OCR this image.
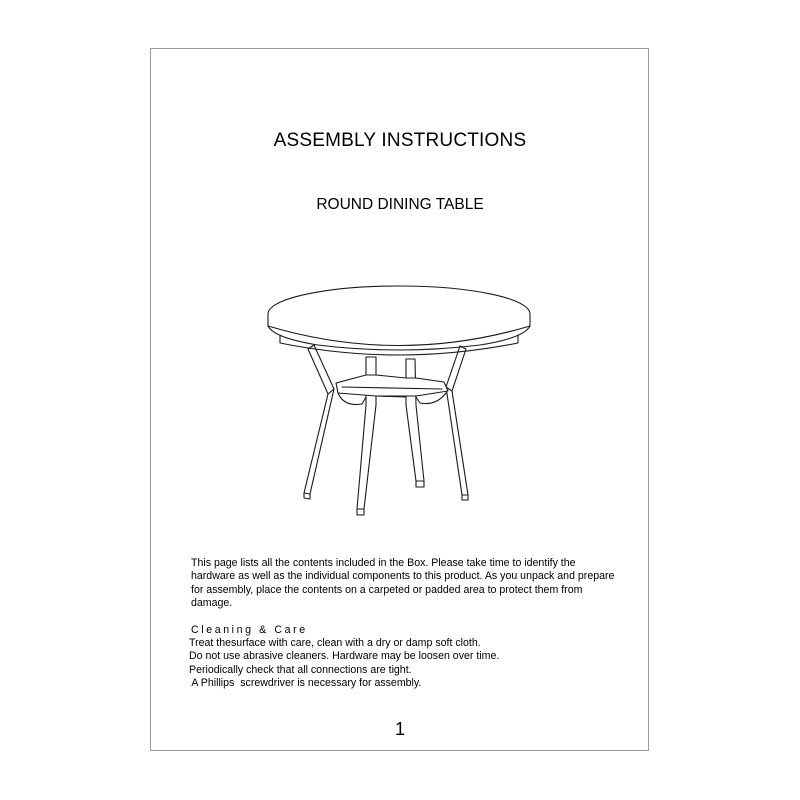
ASSEMBLY INSTRUCTIONS
ROUND DINING TABLE

This page lists all the contents included in the Box. Please take time to identify the hardware as well as the individual components to this product. As you unpack and prepare for assembly, place the contents on a carpeted or padded area to protect them from damage.

Cleaning & Care
Treat thesurface with care, clean with a dry or damp soft cloth.
Do not use abrasive cleaners. Hardware may be loosen over time.
Periodically check that all connections are tight.
A Phillips  screwdriver is necessary for assembly.
1
